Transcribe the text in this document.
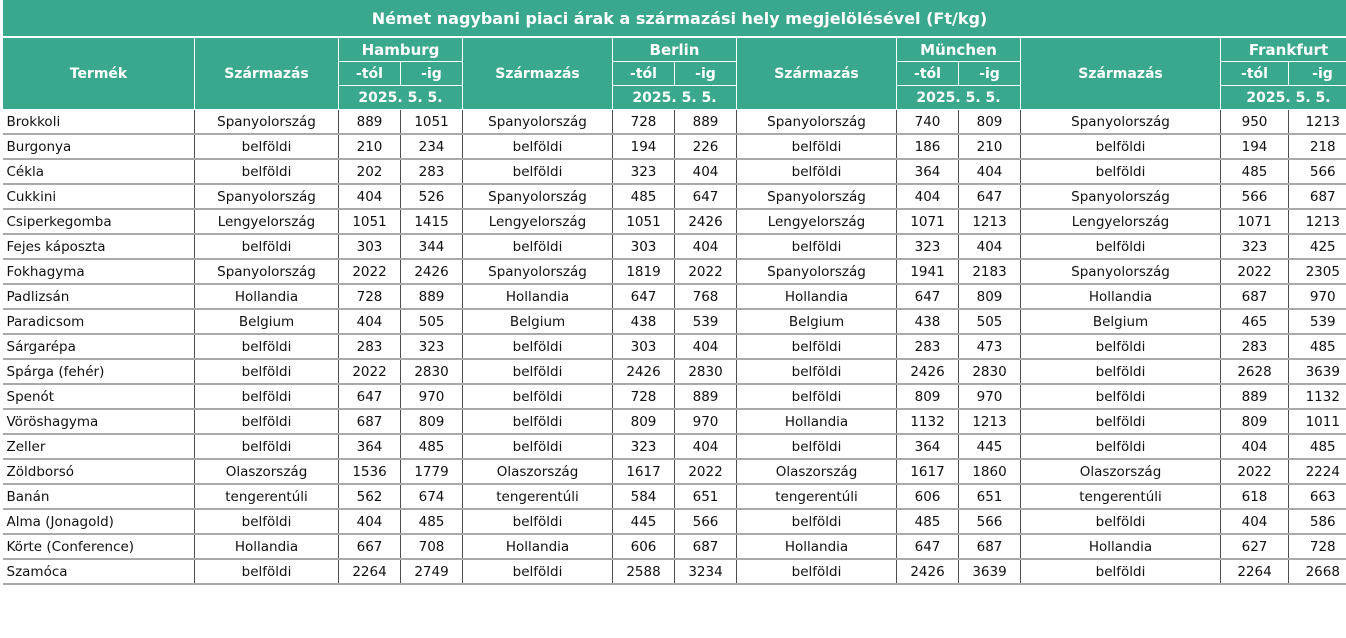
Német nagybani piaci árak a származási hely megjelölésével (Ft/kg)												
Termék	Származás	Hamburg		Származás	Berlin		Származás	München		Származás	Frankfurt	
		-tól	-ig		-tól	-ig		-tól	-ig		-tól	-ig
		2025. 5. 5.			2025. 5. 5.			2025. 5. 5.			2025. 5. 5.	
Brokkoli	Spanyolország	889	1051	Spanyolország	728	889	Spanyolország	740	809	Spanyolország	950	1213
Burgonya	belföldi	210	234	belföldi	194	226	belföldi	186	210	belföldi	194	218
Cékla	belföldi	202	283	belföldi	323	404	belföldi	364	404	belföldi	485	566
Cukkini	Spanyolország	404	526	Spanyolország	485	647	Spanyolország	404	647	Spanyolország	566	687
Csiperkegomba	Lengyelország	1051	1415	Lengyelország	1051	2426	Lengyelország	1071	1213	Lengyelország	1071	1213
Fejes káposzta	belföldi	303	344	belföldi	303	404	belföldi	323	404	belföldi	323	425
Fokhagyma	Spanyolország	2022	2426	Spanyolország	1819	2022	Spanyolország	1941	2183	Spanyolország	2022	2305
Padlizsán	Hollandia	728	889	Hollandia	647	768	Hollandia	647	809	Hollandia	687	970
Paradicsom	Belgium	404	505	Belgium	438	539	Belgium	438	505	Belgium	465	539
Sárgarépa	belföldi	283	323	belföldi	303	404	belföldi	283	473	belföldi	283	485
Spárga (fehér)	belföldi	2022	2830	belföldi	2426	2830	belföldi	2426	2830	belföldi	2628	3639
Spenót	belföldi	647	970	belföldi	728	889	belföldi	809	970	belföldi	889	1132
Vöröshagyma	belföldi	687	809	belföldi	809	970	Hollandia	1132	1213	belföldi	809	1011
Zeller	belföldi	364	485	belföldi	323	404	belföldi	364	445	belföldi	404	485
Zöldborsó	Olaszország	1536	1779	Olaszország	1617	2022	Olaszország	1617	1860	Olaszország	2022	2224
Banán	tengerentúli	562	674	tengerentúli	584	651	tengerentúli	606	651	tengerentúli	618	663
Alma (Jonagold)	belföldi	404	485	belföldi	445	566	belföldi	485	566	belföldi	404	586
Körte (Conference)	Hollandia	667	708	Hollandia	606	687	Hollandia	647	687	Hollandia	627	728
Szamóca	belföldi	2264	2749	belföldi	2588	3234	belföldi	2426	3639	belföldi	2264	2668
